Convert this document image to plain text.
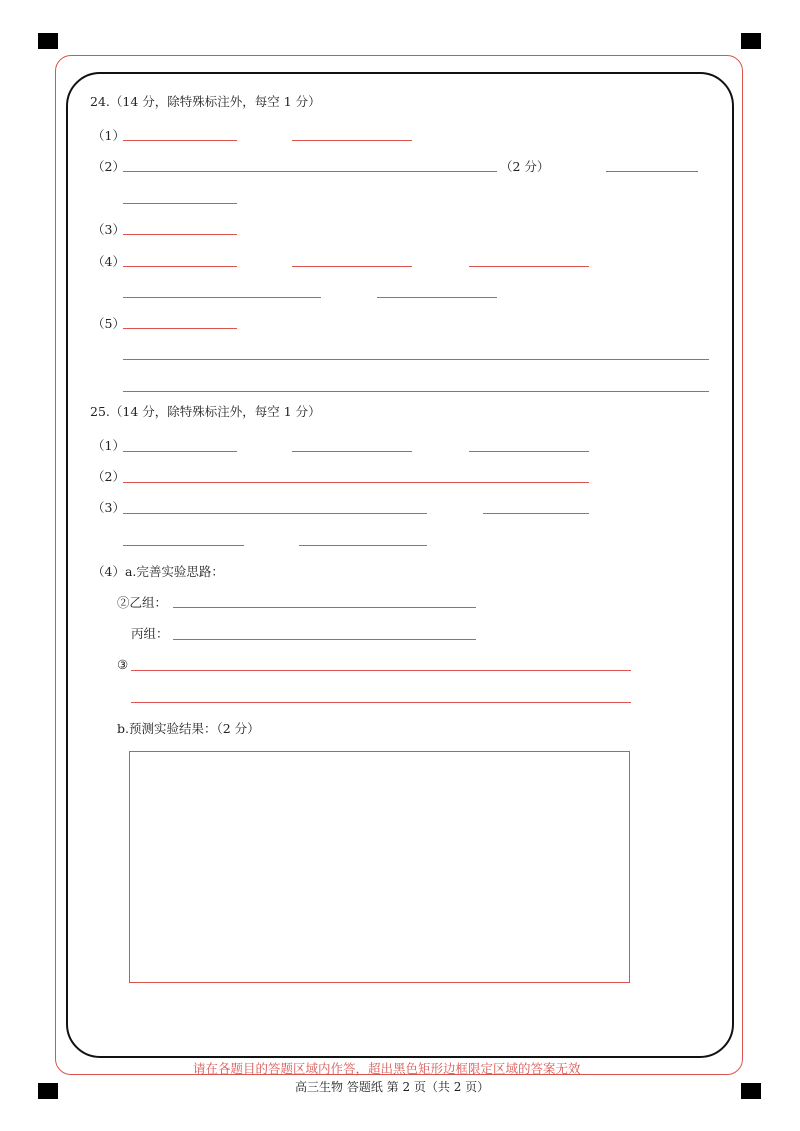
24.（14 分，除特殊标注外，每空 1 分）
（1）
（2）	（2 分）
（3）
（4）
（5）
25.（14 分，除特殊标注外，每空 1 分）
（1）
（2）
（3）
（4）a.完善实验思路：
②乙组：
丙组：
③
b.预测实验结果：（2 分）
请在各题目的答题区域内作答，超出黑色矩形边框限定区域的答案无效
高三生物 答题纸 第 2 页（共 2 页）
